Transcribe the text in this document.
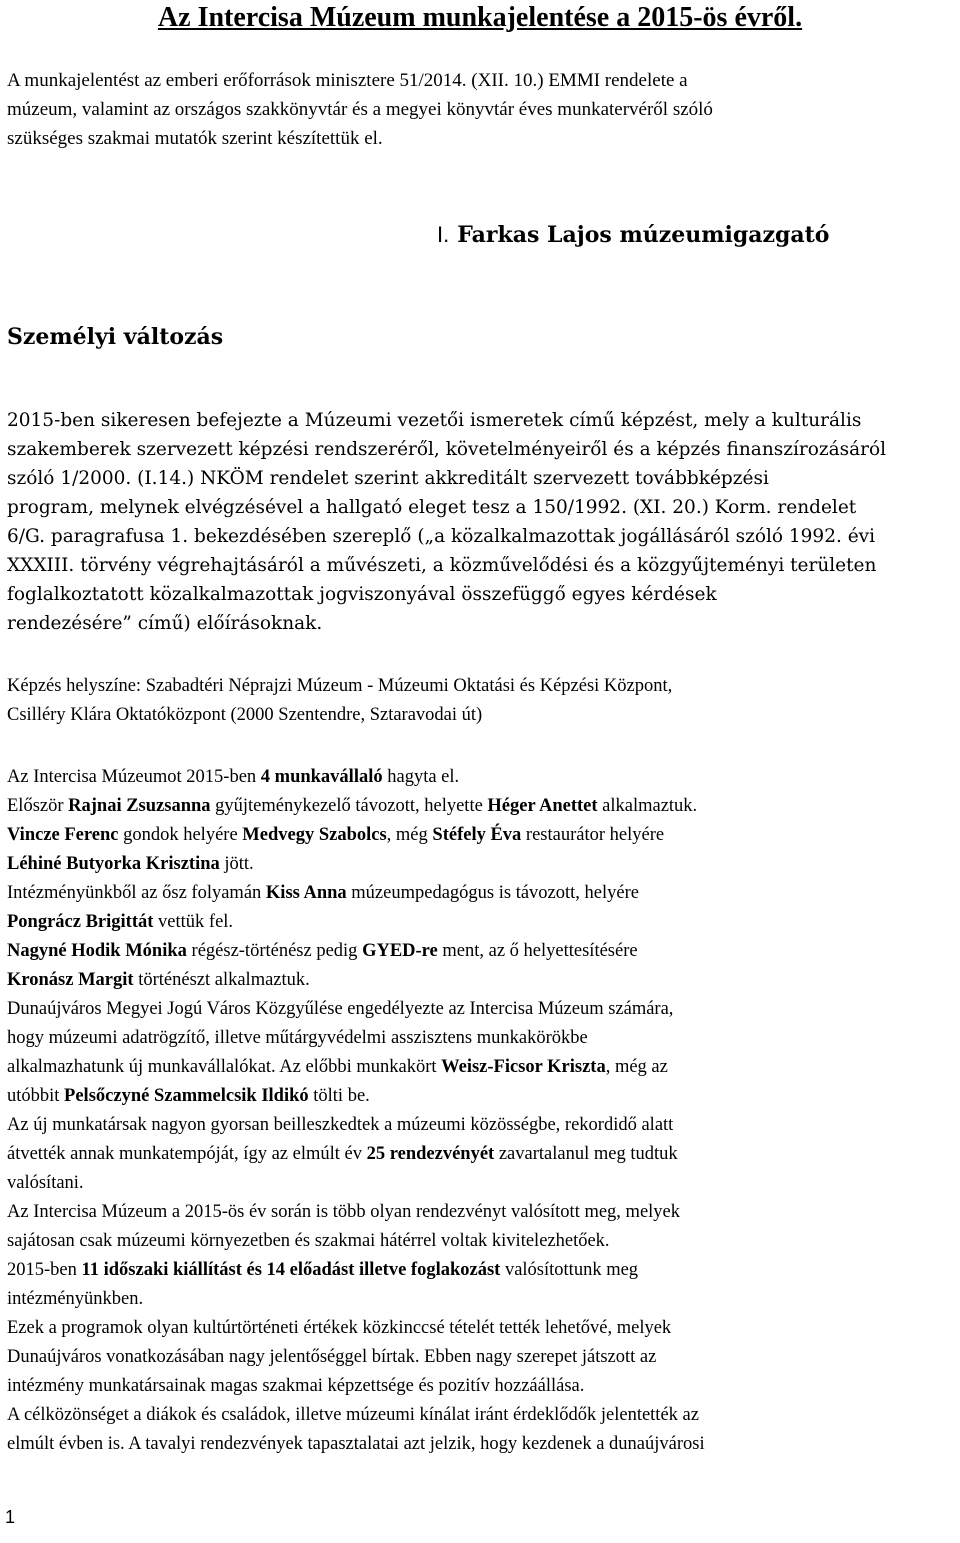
Az Intercisa Múzeum munkajelentése a 2015-ös évről.
A munkajelentést az emberi erőforrások minisztere 51/2014. (XII. 10.) EMMI rendelete a
múzeum, valamint az országos szakkönyvtár és a megyei könyvtár éves munkatervéről szóló
szükséges szakmai mutatók szerint készítettük el.
I. Farkas Lajos múzeumigazgató
Személyi változás
2015-ben sikeresen befejezte a Múzeumi vezetői ismeretek című képzést, mely a kulturális
szakemberek szervezett képzési rendszeréről, követelményeiről és a képzés finanszírozásáról
szóló 1/2000. (I.14.) NKÖM rendelet szerint akkreditált szervezett továbbképzési
program, melynek elvégzésével a hallgató eleget tesz a 150/1992. (XI. 20.) Korm. rendelet
6/G. paragrafusa 1. bekezdésében szereplő („a közalkalmazottak jogállásáról szóló 1992. évi
XXXIII. törvény végrehajtásáról a művészeti, a közművelődési és a közgyűjteményi területen
foglalkoztatott közalkalmazottak jogviszonyával összefüggő egyes kérdések
rendezésére” című) előírásoknak.
Képzés helyszíne: Szabadtéri Néprajzi Múzeum - Múzeumi Oktatási és Képzési Központ,
Csilléry Klára Oktatóközpont (2000 Szentendre, Sztaravodai út)
Az Intercisa Múzeumot 2015-ben 4 munkavállaló hagyta el.
Először Rajnai Zsuzsanna gyűjteménykezelő távozott, helyette Héger Anettet alkalmaztuk.
Vincze Ferenc gondok helyére Medvegy Szabolcs, még Stéfely Éva restaurátor helyére
Léhiné Butyorka Krisztina jött.
Intézményünkből az ősz folyamán Kiss Anna múzeumpedagógus is távozott, helyére
Pongrácz Brigittát vettük fel.
Nagyné Hodik Mónika régész-történész pedig GYED-re ment, az ő helyettesítésére
Kronász Margit történészt alkalmaztuk.
Dunaújváros Megyei Jogú Város Közgyűlése engedélyezte az Intercisa Múzeum számára,
hogy múzeumi adatrögzítő, illetve műtárgyvédelmi asszisztens munkakörökbe
alkalmazhatunk új munkavállalókat. Az előbbi munkakört Weisz-Ficsor Kriszta, még az
utóbbit Pelsőczyné Szammelcsik Ildikó tölti be.
Az új munkatársak nagyon gyorsan beilleszkedtek a múzeumi közösségbe, rekordidő alatt
átvették annak munkatempóját, így az elmúlt év 25 rendezvényét zavartalanul meg tudtuk
valósítani.
Az Intercisa Múzeum a 2015-ös év során is több olyan rendezvényt valósított meg, melyek
sajátosan csak múzeumi környezetben és szakmai hátérrel voltak kivitelezhetőek.
2015-ben 11 időszaki kiállítást és 14 előadást illetve foglakozást valósítottunk meg
intézményünkben.
Ezek a programok olyan kultúrtörténeti értékek közkinccsé tételét tették lehetővé, melyek
Dunaújváros vonatkozásában nagy jelentőséggel bírtak. Ebben nagy szerepet játszott az
intézmény munkatársainak magas szakmai képzettsége és pozitív hozzáállása.
A célközönséget a diákok és családok, illetve múzeumi kínálat iránt érdeklődők jelentették az
elmúlt évben is. A tavalyi rendezvények tapasztalatai azt jelzik, hogy kezdenek a dunaújvárosi
1
